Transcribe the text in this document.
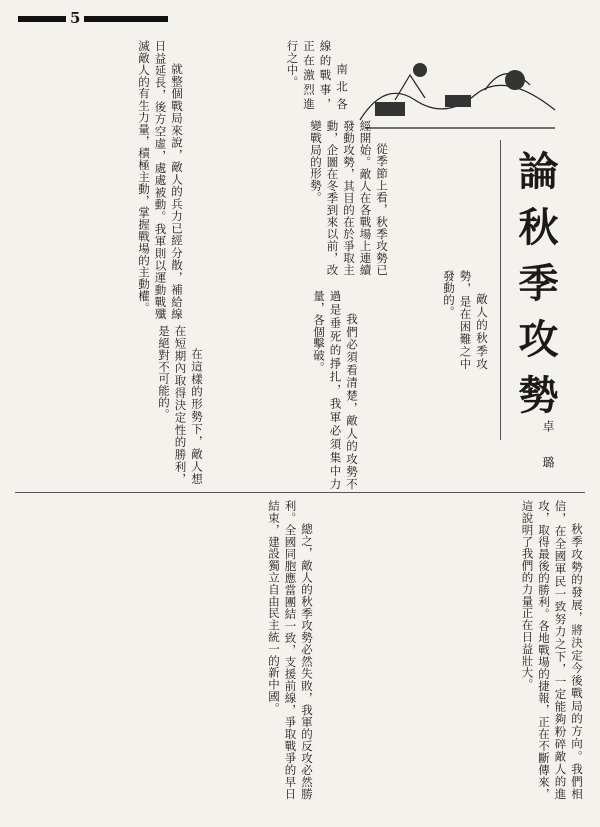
5
論秋季攻勢
卓 璐

從季節上看，秋季攻勢已經開始。敵人在各戰場上連續發動攻勢，其目的在於爭取主動，企圖在冬季到來以前，改變戰局的形勢。

南北各線的戰事，正在激烈進行之中。

就整個戰局來說，敵人的兵力已經分散，補給線日益延長，後方空虛，處處被動。我軍則以運動戰殲滅敵人的有生力量，積極主動，掌握戰場的主動權。

敵人的秋季攻勢，是在困難之中發動的。

我們必須看清楚，敵人的攻勢不過是垂死的掙扎，我軍必須集中力量，各個擊破。

在這樣的形勢下，敵人想在短期內取得決定性的勝利，是絕對不可能的。

秋季攻勢的發展，將決定今後戰局的方向。我們相信，在全國軍民一致努力之下，一定能夠粉碎敵人的進攻，取得最後的勝利。各地戰場的捷報，正在不斷傳來，這說明了我們的力量正在日益壯大。

總之，敵人的秋季攻勢必然失敗，我軍的反攻必然勝利。全國同胞應當團結一致，支援前線，爭取戰爭的早日結束，建設獨立自由民主統一的新中國。
